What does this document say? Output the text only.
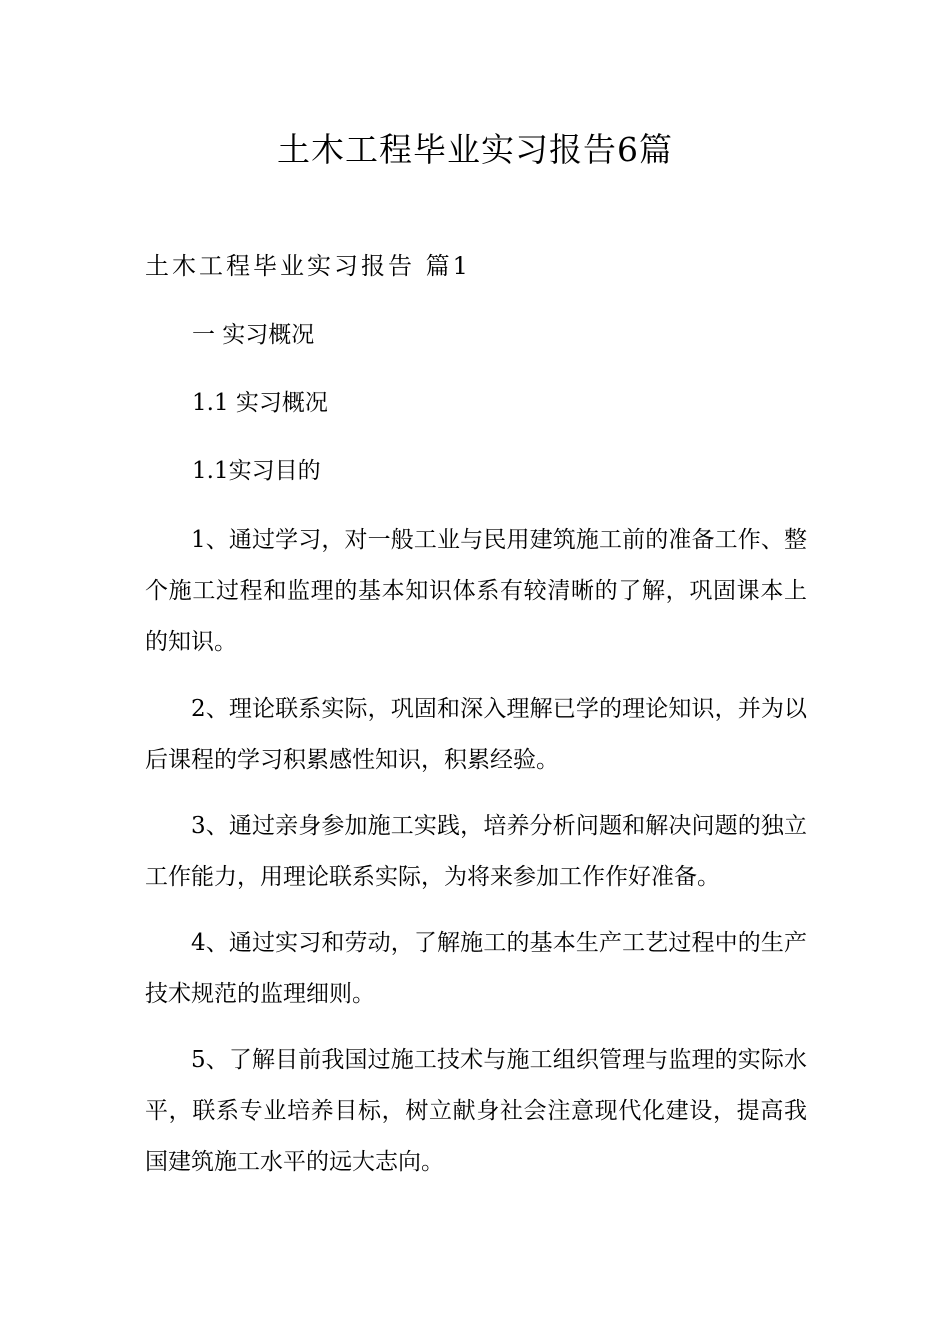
土木工程毕业实习报告6篇
土木工程毕业实习报告 篇1
一 实习概况
1.1 实习概况
1.1实习目的

1、通过学习，对一般工业与民用建筑施工前的准备工作、整个施工过程和监理的基本知识体系有较清晰的了解，巩固课本上的知识。

2、理论联系实际，巩固和深入理解已学的理论知识，并为以后课程的学习积累感性知识，积累经验。

3、通过亲身参加施工实践，培养分析问题和解决问题的独立工作能力，用理论联系实际，为将来参加工作作好准备。

4、通过实习和劳动，了解施工的基本生产工艺过程中的生产技术规范的监理细则。

5、了解目前我国过施工技术与施工组织管理与监理的实际水平，联系专业培养目标，树立献身社会注意现代化建设，提高我国建筑施工水平的远大志向。
